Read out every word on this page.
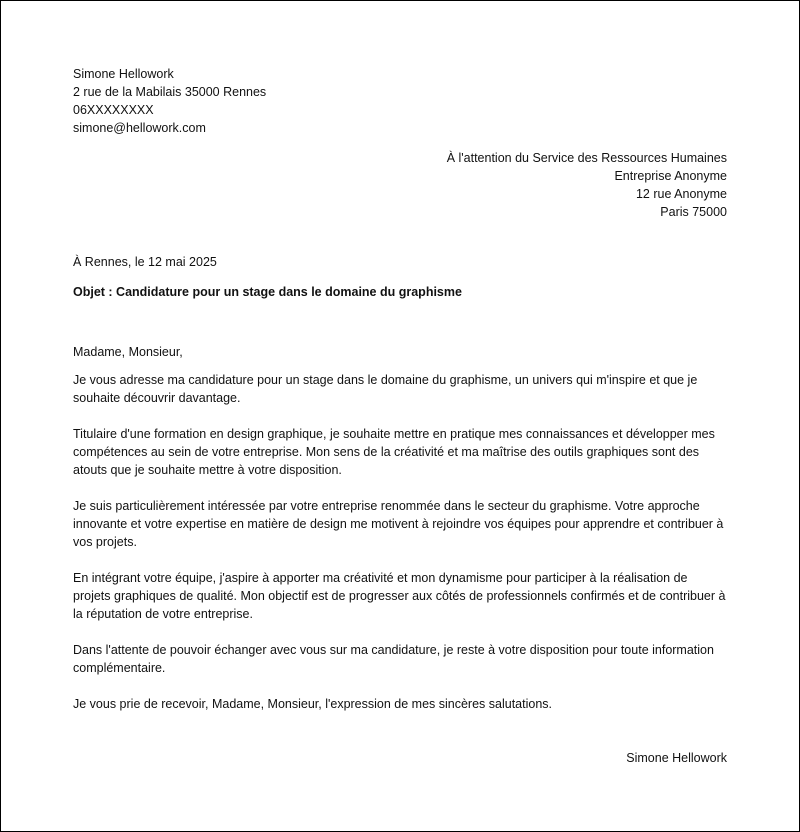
Simone Hellowork
2 rue de la Mabilais 35000 Rennes
06XXXXXXXX
simone@hellowork.com
À l'attention du Service des Ressources Humaines
Entreprise Anonyme
12 rue Anonyme
Paris 75000
À Rennes, le 12 mai 2025
Objet : Candidature pour un stage dans le domaine du graphisme
Madame, Monsieur,

Je vous adresse ma candidature pour un stage dans le domaine du graphisme, un univers qui m'inspire et que je souhaite découvrir davantage.

Titulaire d'une formation en design graphique, je souhaite mettre en pratique mes connaissances et développer mes compétences au sein de votre entreprise. Mon sens de la créativité et ma maîtrise des outils graphiques sont des atouts que je souhaite mettre à votre disposition.

Je suis particulièrement intéressée par votre entreprise renommée dans le secteur du graphisme. Votre approche innovante et votre expertise en matière de design me motivent à rejoindre vos équipes pour apprendre et contribuer à vos projets.

En intégrant votre équipe, j'aspire à apporter ma créativité et mon dynamisme pour participer à la réalisation de projets graphiques de qualité. Mon objectif est de progresser aux côtés de professionnels confirmés et de contribuer à la réputation de votre entreprise.

Dans l'attente de pouvoir échanger avec vous sur ma candidature, je reste à votre disposition pour toute information complémentaire.

Je vous prie de recevoir, Madame, Monsieur, l'expression de mes sincères salutations.

Simone Hellowork
